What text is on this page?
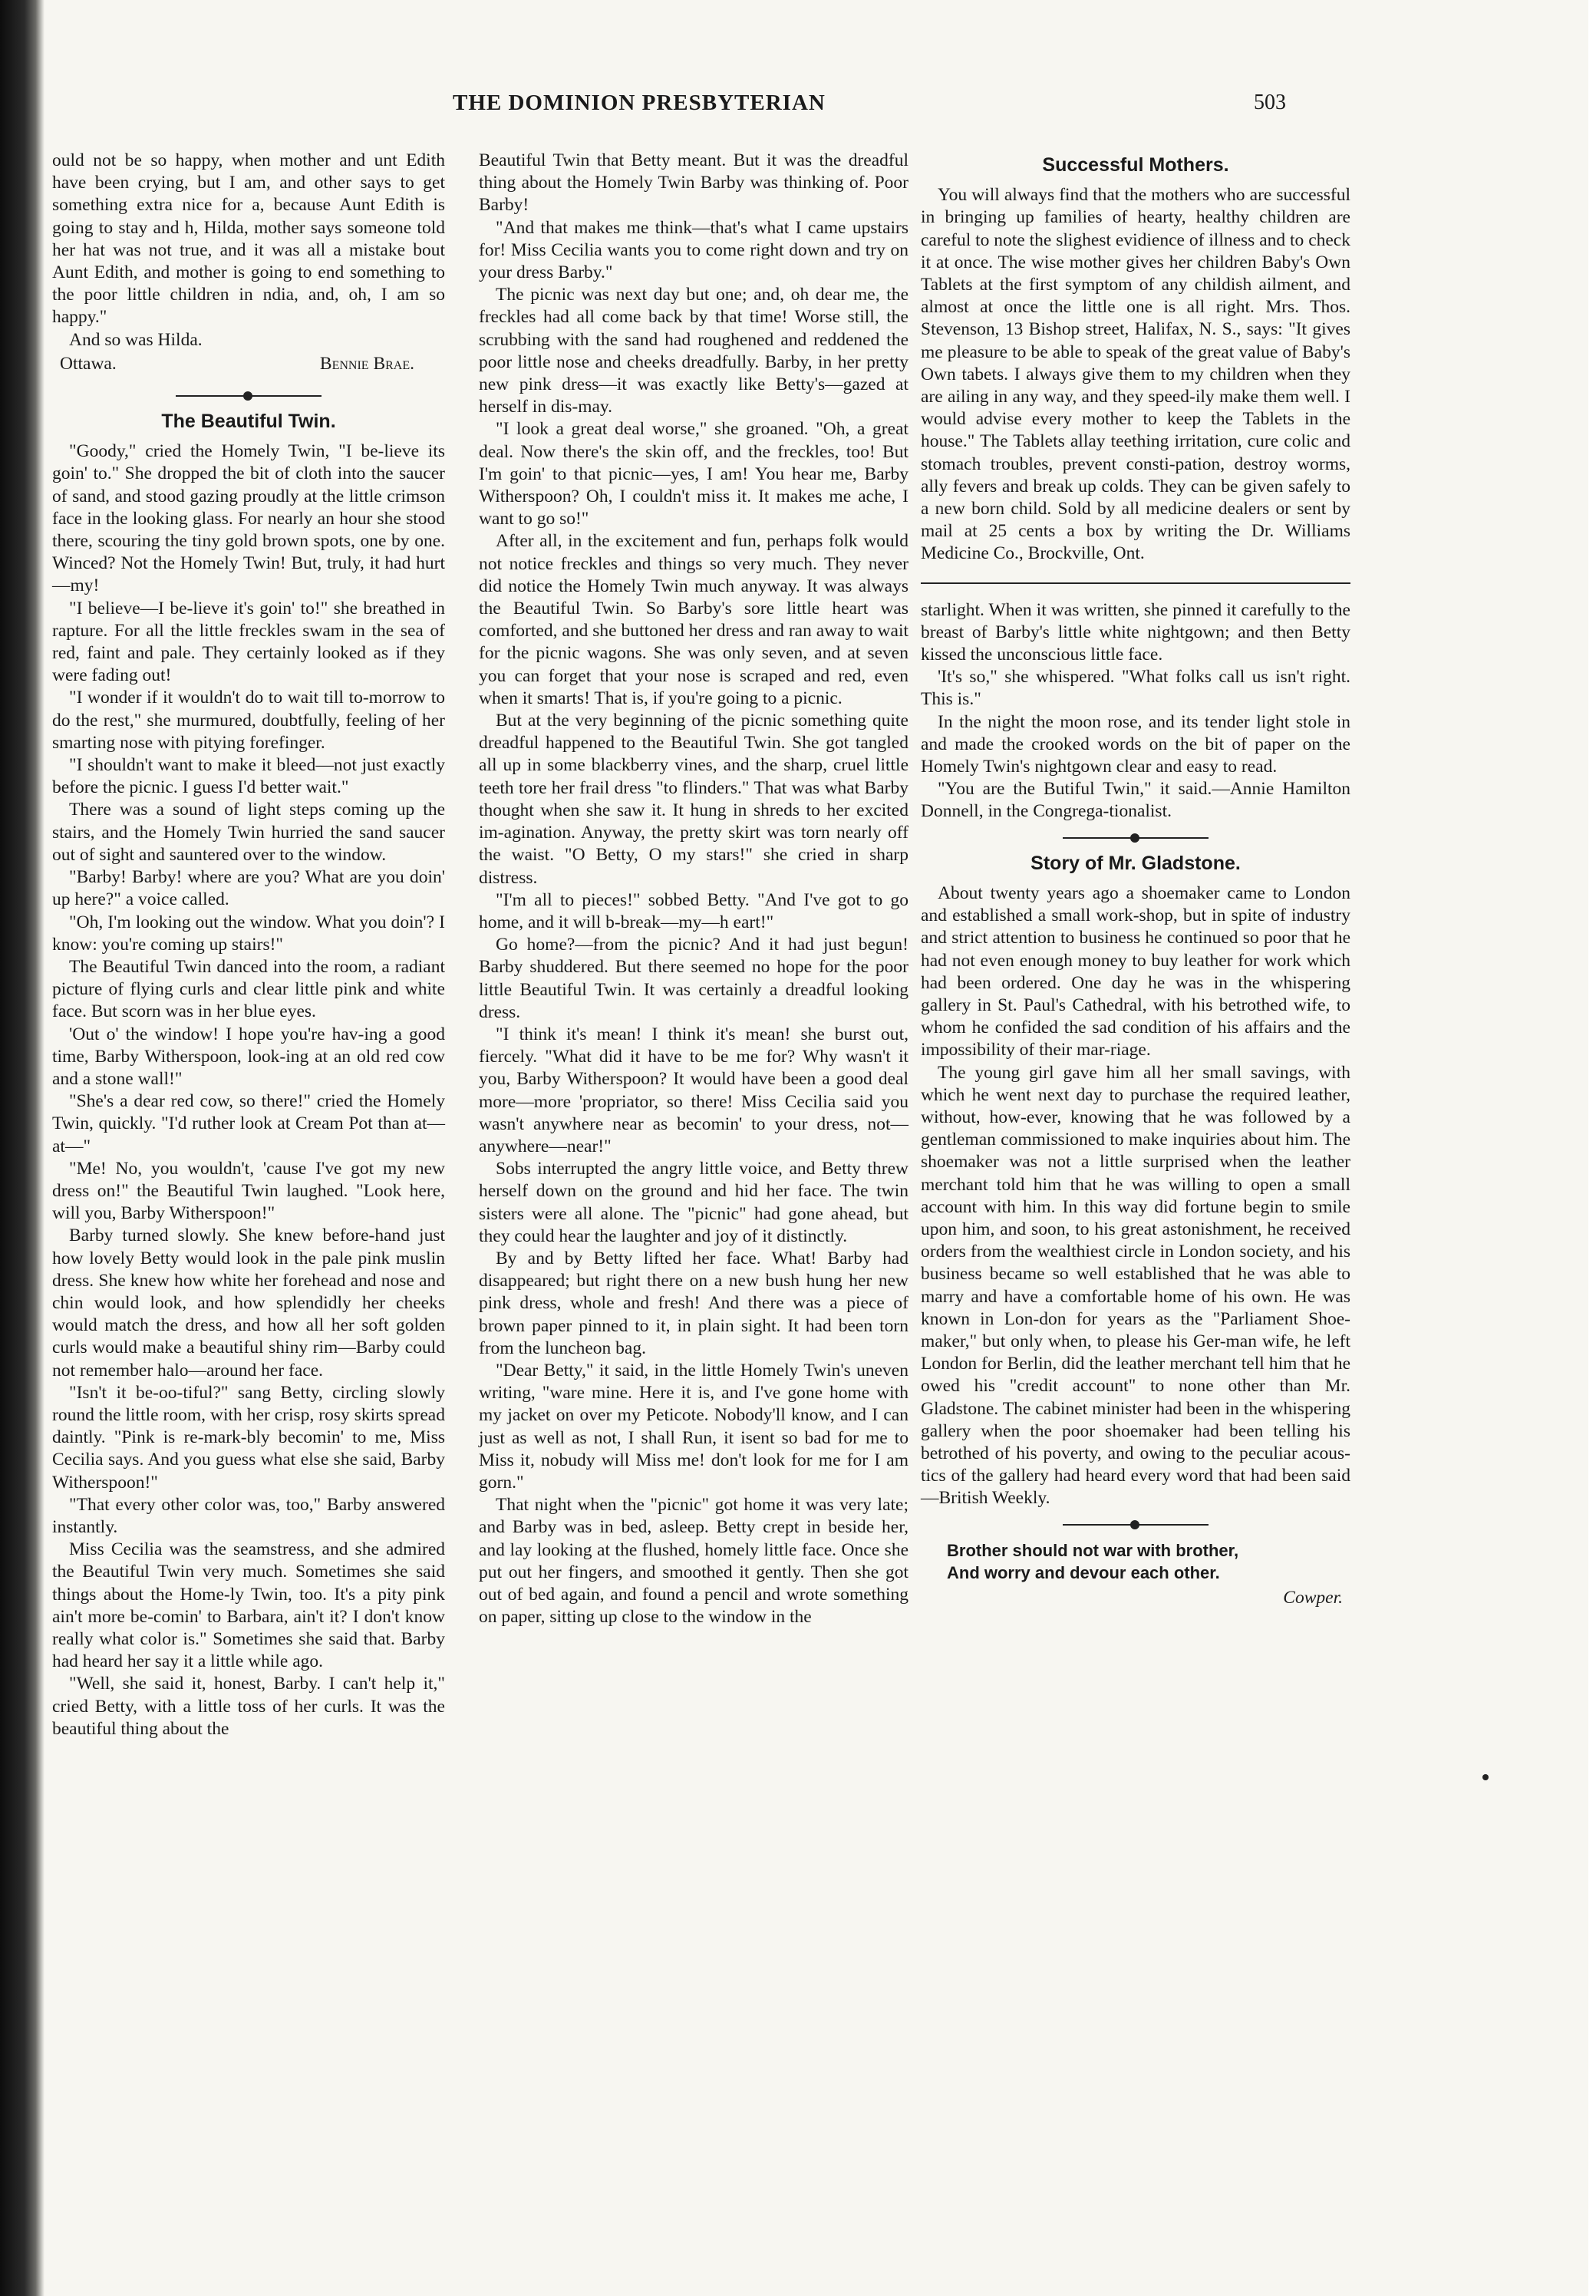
THE DOMINION PRESBYTERIAN	503

ould not be so happy, when mother and unt Edith have been crying, but I am, and other says to get something extra nice for a, because Aunt Edith is going to stay and h, Hilda, mother says someone told her hat was not true, and it was all a mistake bout Aunt Edith, and mother is going to end something to the poor little children in ndia, and, oh, I am so happy."

And so was Hilda.

Ottawa.	Bennie Brae.
The Beautiful Twin.

"Goody," cried the Homely Twin, "I be-lieve its goin' to." She dropped the bit of cloth into the saucer of sand, and stood gazing proudly at the little crimson face in the looking glass. For nearly an hour she stood there, scouring the tiny gold brown spots, one by one. Winced? Not the Homely Twin! But, truly, it had hurt—my!

"I believe—I be-lieve it's goin' to!" she breathed in rapture. For all the little freckles swam in the sea of red, faint and pale. They certainly looked as if they were fading out!

"I wonder if it wouldn't do to wait till to-morrow to do the rest," she murmured, doubtfully, feeling of her smarting nose with pitying forefinger.

"I shouldn't want to make it bleed—not just exactly before the picnic. I guess I'd better wait."

There was a sound of light steps coming up the stairs, and the Homely Twin hurried the sand saucer out of sight and sauntered over to the window.

"Barby! Barby! where are you? What are you doin' up here?" a voice called.

"Oh, I'm looking out the window. What you doin'? I know: you're coming up stairs!"

The Beautiful Twin danced into the room, a radiant picture of flying curls and clear little pink and white face. But scorn was in her blue eyes.

'Out o' the window! I hope you're hav-ing a good time, Barby Witherspoon, look-ing at an old red cow and a stone wall!"

"She's a dear red cow, so there!" cried the Homely Twin, quickly. "I'd ruther look at Cream Pot than at—at—"

"Me! No, you wouldn't, 'cause I've got my new dress on!" the Beautiful Twin laughed. "Look here, will you, Barby Witherspoon!"

Barby turned slowly. She knew before-hand just how lovely Betty would look in the pale pink muslin dress. She knew how white her forehead and nose and chin would look, and how splendidly her cheeks would match the dress, and how all her soft golden curls would make a beautiful shiny rim—Barby could not remember halo—around her face.

"Isn't it be-oo-tiful?" sang Betty, circling slowly round the little room, with her crisp, rosy skirts spread daintly. "Pink is re-mark-bly becomin' to me, Miss Cecilia says. And you guess what else she said, Barby Witherspoon!"

"That every other color was, too," Barby answered instantly.

Miss Cecilia was the seamstress, and she admired the Beautiful Twin very much. Sometimes she said things about the Home-ly Twin, too. It's a pity pink ain't more be-comin' to Barbara, ain't it? I don't know really what color is." Sometimes she said that. Barby had heard her say it a little while ago.

"Well, she said it, honest, Barby. I can't help it," cried Betty, with a little toss of her curls. It was the beautiful thing about the

Beautiful Twin that Betty meant. But it was the dreadful thing about the Homely Twin Barby was thinking of. Poor Barby!

"And that makes me think—that's what I came upstairs for! Miss Cecilia wants you to come right down and try on your dress Barby."

The picnic was next day but one; and, oh dear me, the freckles had all come back by that time! Worse still, the scrubbing with the sand had roughened and reddened the poor little nose and cheeks dreadfully. Barby, in her pretty new pink dress—it was exactly like Betty's—gazed at herself in dis-may.

"I look a great deal worse," she groaned. "Oh, a great deal. Now there's the skin off, and the freckles, too! But I'm goin' to that picnic—yes, I am! You hear me, Barby Witherspoon? Oh, I couldn't miss it. It makes me ache, I want to go so!"

After all, in the excitement and fun, perhaps folk would not notice freckles and things so very much. They never did notice the Homely Twin much anyway. It was always the Beautiful Twin. So Barby's sore little heart was comforted, and she buttoned her dress and ran away to wait for the picnic wagons. She was only seven, and at seven you can forget that your nose is scraped and red, even when it smarts! That is, if you're going to a picnic.

But at the very beginning of the picnic something quite dreadful happened to the Beautiful Twin. She got tangled all up in some blackberry vines, and the sharp, cruel little teeth tore her frail dress "to flinders." That was what Barby thought when she saw it. It hung in shreds to her excited im-agination. Anyway, the pretty skirt was torn nearly off the waist. "O Betty, O my stars!" she cried in sharp distress.

"I'm all to pieces!" sobbed Betty. "And I've got to go home, and it will b-break—my—h eart!"

Go home?—from the picnic? And it had just begun! Barby shuddered. But there seemed no hope for the poor little Beautiful Twin. It was certainly a dreadful looking dress.

"I think it's mean! I think it's mean! she burst out, fiercely. "What did it have to be me for? Why wasn't it you, Barby Witherspoon? It would have been a good deal more—more 'propriator, so there! Miss Cecilia said you wasn't anywhere near as becomin' to your dress, not—anywhere—near!"

Sobs interrupted the angry little voice, and Betty threw herself down on the ground and hid her face. The twin sisters were all alone. The "picnic" had gone ahead, but they could hear the laughter and joy of it distinctly.

By and by Betty lifted her face. What! Barby had disappeared; but right there on a new bush hung her new pink dress, whole and fresh! And there was a piece of brown paper pinned to it, in plain sight. It had been torn from the luncheon bag.

"Dear Betty," it said, in the little Homely Twin's uneven writing, "ware mine. Here it is, and I've gone home with my jacket on over my Peticote. Nobody'll know, and I can just as well as not, I shall Run, it isent so bad for me to Miss it, nobudy will Miss me! don't look for me for I am gorn."

That night when the "picnic" got home it was very late; and Barby was in bed, asleep. Betty crept in beside her, and lay looking at the flushed, homely little face. Once she put out her fingers, and smoothed it gently. Then she got out of bed again, and found a pencil and wrote something on paper, sitting up close to the window in the

Successful Mothers.

You will always find that the mothers who are successful in bringing up families of hearty, healthy children are careful to note the slighest evidience of illness and to check it at once. The wise mother gives her children Baby's Own Tablets at the first symptom of any childish ailment, and almost at once the little one is all right. Mrs. Thos. Stevenson, 13 Bishop street, Halifax, N. S., says: "It gives me pleasure to be able to speak of the great value of Baby's Own tabets. I always give them to my children when they are ailing in any way, and they speed-ily make them well. I would advise every mother to keep the Tablets in the house." The Tablets allay teething irritation, cure colic and stomach troubles, prevent consti-pation, destroy worms, ally fevers and break up colds. They can be given safely to a new born child. Sold by all medicine dealers or sent by mail at 25 cents a box by writing the Dr. Williams Medicine Co., Brockville, Ont.

starlight. When it was written, she pinned it carefully to the breast of Barby's little white nightgown; and then Betty kissed the unconscious little face.

'It's so," she whispered. "What folks call us isn't right. This is."

In the night the moon rose, and its tender light stole in and made the crooked words on the bit of paper on the Homely Twin's nightgown clear and easy to read.

"You are the Butiful Twin," it said.—Annie Hamilton Donnell, in the Congrega-tionalist.

Story of Mr. Gladstone.

About twenty years ago a shoemaker came to London and established a small work-shop, but in spite of industry and strict attention to business he continued so poor that he had not even enough money to buy leather for work which had been ordered. One day he was in the whispering gallery in St. Paul's Cathedral, with his betrothed wife, to whom he confided the sad condition of his affairs and the impossibility of their mar-riage.

The young girl gave him all her small savings, with which he went next day to purchase the required leather, without, how-ever, knowing that he was followed by a gentleman commissioned to make inquiries about him. The shoemaker was not a little surprised when the leather merchant told him that he was willing to open a small account with him. In this way did fortune begin to smile upon him, and soon, to his great astonishment, he received orders from the wealthiest circle in London society, and his business became so well established that he was able to marry and have a comfortable home of his own. He was known in Lon-don for years as the "Parliament Shoe-maker," but only when, to please his Ger-man wife, he left London for Berlin, did the leather merchant tell him that he owed his "credit account" to none other than Mr. Gladstone. The cabinet minister had been in the whispering gallery when the poor shoemaker had been telling his betrothed of his poverty, and owing to the peculiar acous-tics of the gallery had heard every word that had been said—British Weekly.

Brother should not war with brother,

And worry and devour each other.

Cowper.
